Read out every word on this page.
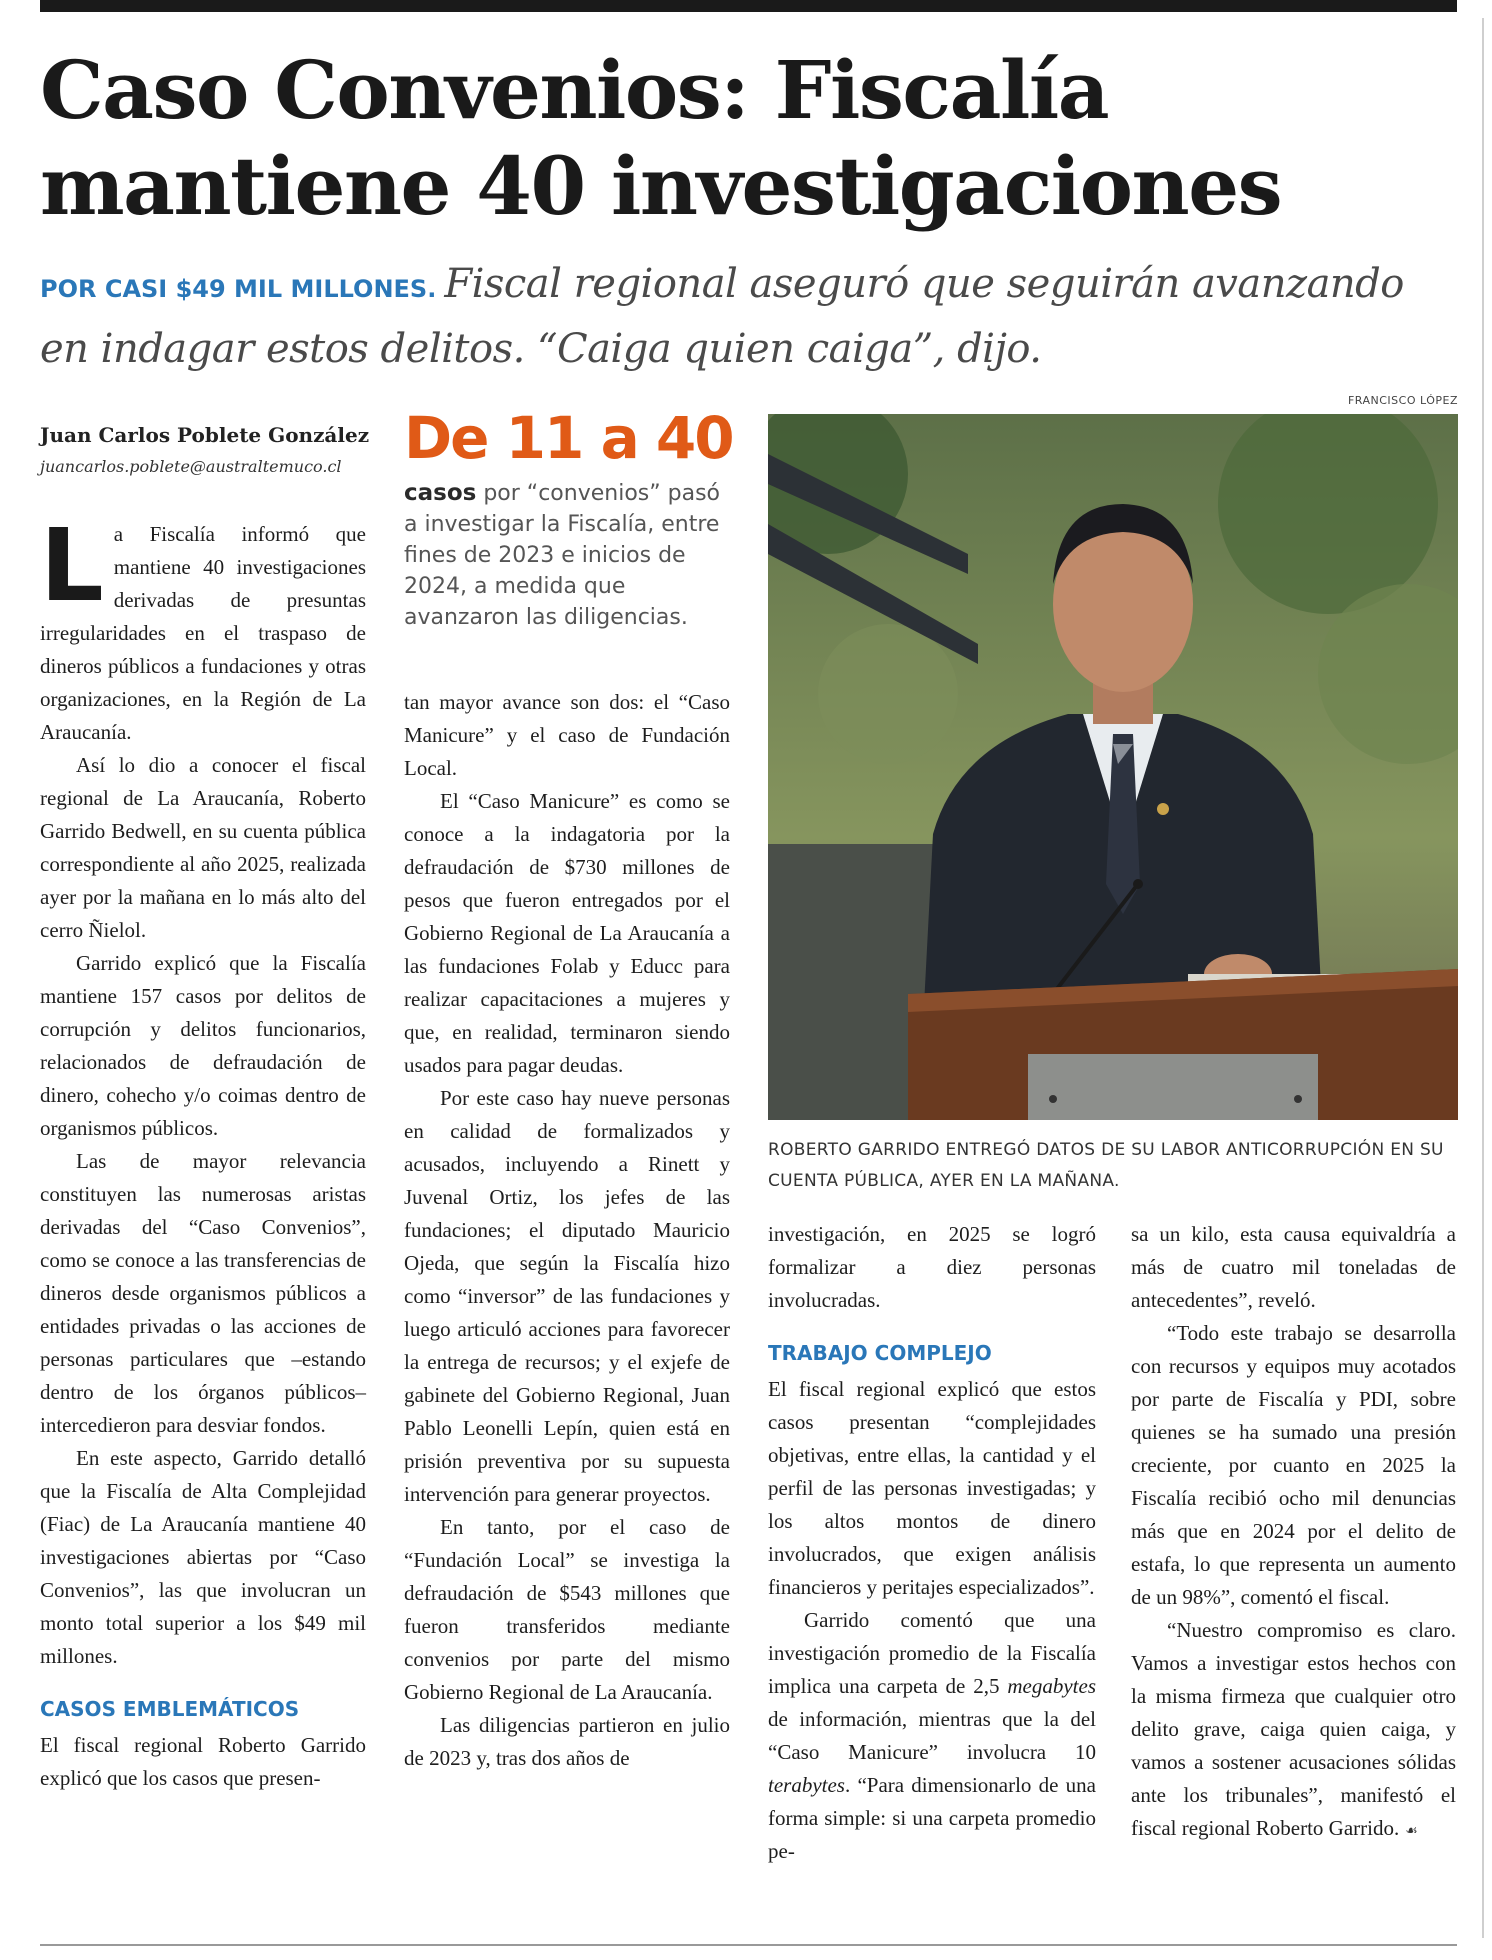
Caso Convenios: Fiscalía mantiene 40 investigaciones
POR CASI $49 MIL MILLONES. Fiscal regional aseguró que seguirán avanzando en indagar estos delitos. “Caiga quien caiga”, dijo.
Juan Carlos Poblete González
juancarlos.poblete@australtemuco.cl De 11 a 40
casos por “convenios” pasó a investigar la Fiscalía, entre fines de 2023 e inicios de 2024, a medida que avanzaron las diligencias.
FRANCISCO LÓPEZ
ROBERTO GARRIDO ENTREGÓ DATOS DE SU LABOR ANTICORRUPCIÓN EN SU CUENTA PÚBLICA, AYER EN LA MAÑANA.

La Fiscalía informó que mantiene 40 investigaciones derivadas de presuntas irregularidades en el traspaso de dineros públicos a fundaciones y otras organizaciones, en la Región de La Araucanía.

Así lo dio a conocer el fiscal regional de La Araucanía, Roberto Garrido Bedwell, en su cuenta pública correspondiente al año 2025, realizada ayer por la mañana en lo más alto del cerro Ñielol.

Garrido explicó que la Fiscalía mantiene 157 casos por delitos de corrupción y delitos funcionarios, relacionados de defraudación de dinero, cohecho y/o coimas dentro de organismos públicos.

Las de mayor relevancia constituyen las numerosas aristas derivadas del “Caso Convenios”, como se conoce a las transferencias de dineros desde organismos públicos a entidades privadas o las acciones de personas particulares que –estando dentro de los órganos públicos– intercedieron para desviar fondos.

En este aspecto, Garrido detalló que la Fiscalía de Alta Complejidad (Fiac) de La Araucanía mantiene 40 investigaciones abiertas por “Caso Convenios”, las que involucran un monto total superior a los $49 mil millones.

CASOS EMBLEMÁTICOS

El fiscal regional Roberto Garrido explicó que los casos que presen-

tan mayor avance son dos: el “Caso Manicure” y el caso de Fundación Local.

El “Caso Manicure” es como se conoce a la indagatoria por la defraudación de $730 millones de pesos que fueron entregados por el Gobierno Regional de La Araucanía a las fundaciones Folab y Educc para realizar capacitaciones a mujeres y que, en realidad, terminaron siendo usados para pagar deudas.

Por este caso hay nueve personas en calidad de formalizados y acusados, incluyendo a Rinett y Juvenal Ortiz, los jefes de las fundaciones; el diputado Mauricio Ojeda, que según la Fiscalía hizo como “inversor” de las fundaciones y luego articuló acciones para favorecer la entrega de recursos; y el exjefe de gabinete del Gobierno Regional, Juan Pablo Leonelli Lepín, quien está en prisión preventiva por su supuesta intervención para generar proyectos.

En tanto, por el caso de “Fundación Local” se investiga la defraudación de $543 millones que fueron transferidos mediante convenios por parte del mismo Gobierno Regional de La Araucanía.

Las diligencias partieron en julio de 2023 y, tras dos años de

investigación, en 2025 se logró formalizar a diez personas involucradas.

TRABAJO COMPLEJO

El fiscal regional explicó que estos casos presentan “complejidades objetivas, entre ellas, la cantidad y el perfil de las personas investigadas; y los altos montos de dinero involucrados, que exigen análisis financieros y peritajes especializados”.

Garrido comentó que una investigación promedio de la Fiscalía implica una carpeta de 2,5 megabytes de información, mientras que la del “Caso Manicure” involucra 10 terabytes. “Para dimensionarlo de una forma simple: si una carpeta promedio pe-

sa un kilo, esta causa equivaldría a más de cuatro mil toneladas de antecedentes”, reveló.

“Todo este trabajo se desarrolla con recursos y equipos muy acotados por parte de Fiscalía y PDI, sobre quienes se ha sumado una presión creciente, por cuanto en 2025 la Fiscalía recibió ocho mil denuncias más que en 2024 por el delito de estafa, lo que representa un aumento de un 98%”, comentó el fiscal.

“Nuestro compromiso es claro. Vamos a investigar estos hechos con la misma firmeza que cualquier otro delito grave, caiga quien caiga, y vamos a sostener acusaciones sólidas ante los tribunales”, manifestó el fiscal regional Roberto Garrido. ☙
